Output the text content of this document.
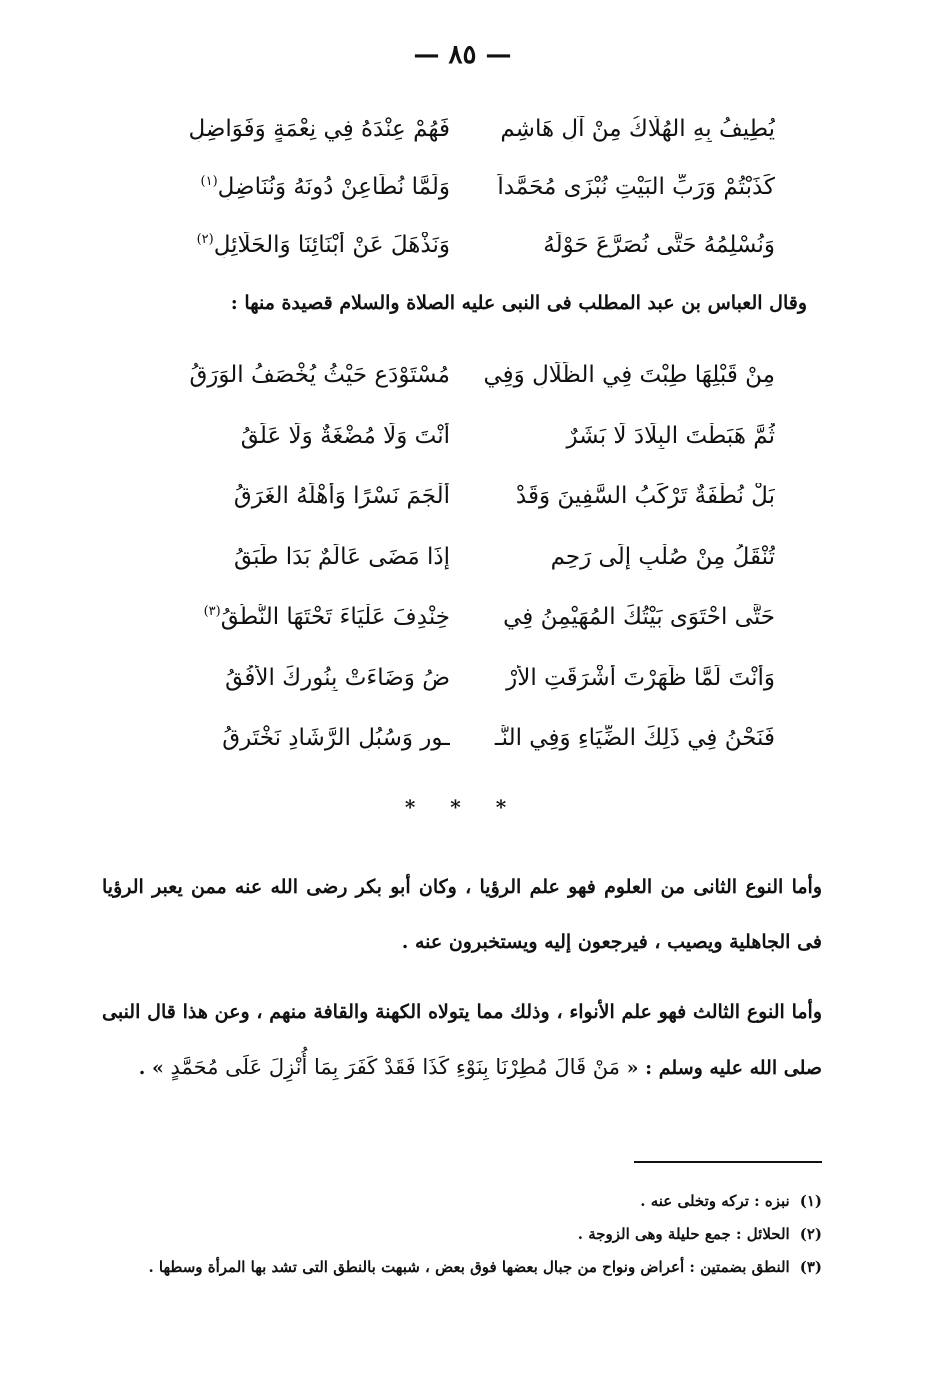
— ٨٥ —
يُطِيفُ بِهِ الهُلَّاكُ مِنْ آلِ هَاشِمٍ
فَهُمْ عِنْدَهُ فِي نِعْمَةٍ وَفَوَاضِلِ
كَذَبْتُمْ وَرَبِّ البَيْتِ نُبْزَى مُحَمَّداً
وَلَمَّا نُطَاعِنْ دُونَهُ وَنُنَاضِلِ
(١)
وَنُسْلِمُهُ حَتَّى نُصَرَّعَ حَوْلَهُ
وَنَذْهَلَ عَنْ أَبْنَائِنَا وَالحَلَائِلِ
(٢)
وقال العباس بن عبد المطلب فى النبى عليه الصلاة والسلام قصيدة منها :
مِنْ قَبْلِهَا طِبْتَ فِي الظِّلَالِ وَفِي
مُسْتَوْدَعٍ حَيْثُ يُخْصَفُ الوَرَقُ
ثُمَّ هَبَطْتَ البِلَادَ لَا بَشَرٌ
أَنْتَ وَلَا مُضْغَةٌ وَلَا عَلَقُ
بَلْ نُطْفَةٌ تَرْكَبُ السَّفِينَ وَقَدْ
أَلْجَمَ نَسْرًا وَأَهْلَهُ الغَرَقُ
تُنْقَلُ مِنْ صُلْبٍ إِلَى رَحِمٍ
إِذَا مَضَى عَالَمٌ بَدَا طَبَقُ
حَتَّى احْتَوَى بَيْتُكَ المُهَيْمِنُ فِي
خِنْدِفَ عَلْيَاءَ تَحْتَهَا النُّطُقُ
(٣)
وَأَنْتَ لَمَّا ظَهَرْتَ أَشْرَقَتِ الأَرْ
ضُ وَضَاءَتْ بِنُورِكَ الأُفُقُ
فَنَحْنُ فِي ذَلِكَ الضِّيَاءِ وَفِي النُّـ
ـورِ وَسُبُلِ الرَّشَادِ نَخْتَرِقُ
* * *
وأما النوع الثانى من العلوم فهو علم الرؤيا ، وكان أبو بكر رضى الله عنه ممن يعبر الرؤيا فى الجاهلية ويصيب ، فيرجعون إليه ويستخبرون عنه .
وأما النوع الثالث فهو علم الأنواء ، وذلك مما يتولاه الكهنة والقافة منهم ، وعن هذا قال النبى صلى الله عليه وسلم : « مَنْ قَالَ مُطِرْنَا بِنَوْءِ كَذَا فَقَدْ كَفَرَ بِمَا أُنْزِلَ عَلَى مُحَمَّدٍ » .
(١)نبزه : تركه وتخلى عنه .
(٢)الحلائل : جمع حليلة وهى الزوجة .
(٣)النطق بضمتين : أعراض ونواح من جبال بعضها فوق بعض ، شبهت بالنطق التى تشد بها المرأة وسطها .
